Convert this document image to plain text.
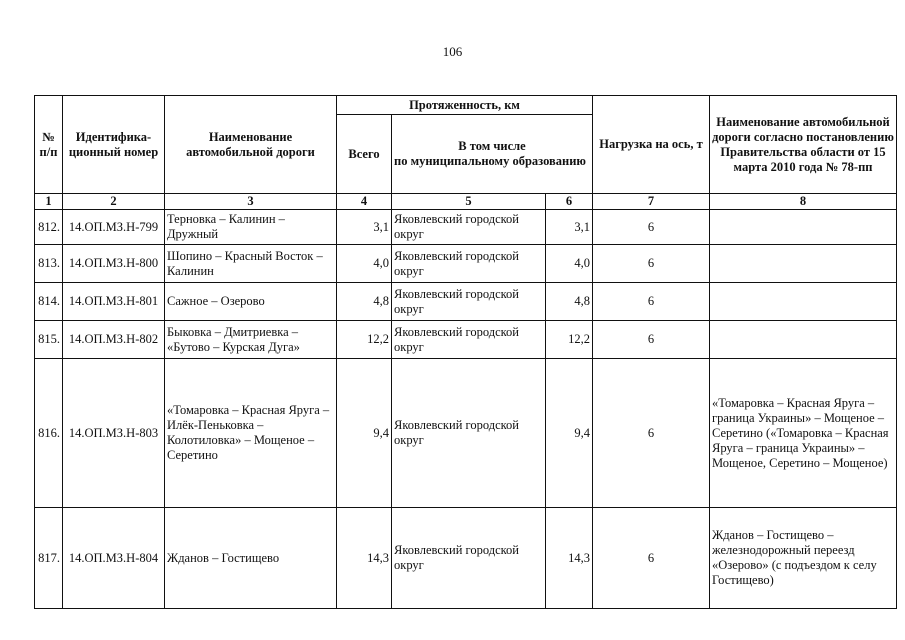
106
№ п/п	Идентифика-ционный номер	Наименование автомобильной дороги	Протяженность, км			Нагрузка на ось, т	Наименование автомобильной дороги согласно постановлению Правительства области от 15 марта 2010 года № 78-пп
			Всего	В том числе
по муниципальному образованию			

1	2	3	4	5	6	7	8
812.	14.ОП.МЗ.Н-799	Терновка – Калинин – Дружный	3,1	Яковлевский городской округ	3,1	6	
813.	14.ОП.МЗ.Н-800	Шопино – Красный Восток – Калинин	4,0	Яковлевский городской округ	4,0	6	
814.	14.ОП.МЗ.Н-801	Сажное – Озерово	4,8	Яковлевский городской округ	4,8	6	
815.	14.ОП.МЗ.Н-802	Быковка – Дмитриевка – «Бутово – Курская Дуга»	12,2	Яковлевский городской округ	12,2	6	
816.	14.ОП.МЗ.Н-803	«Томаровка – Красная Яруга – Илёк-Пеньковка – Колотиловка» – Мощеное – Серетино	9,4	Яковлевский городской округ	9,4	6	«Томаровка – Красная Яруга – граница Украины» – Мощеное – Серетино («Томаровка – Красная Яруга – граница Украины» – Мощеное, Серетино – Мощеное)
817.	14.ОП.МЗ.Н-804	Жданов – Гостищево	14,3	Яковлевский городской округ	14,3	6	Жданов – Гостищево – железнодорожный переезд «Озерово» (с подъездом к селу Гостищево)
